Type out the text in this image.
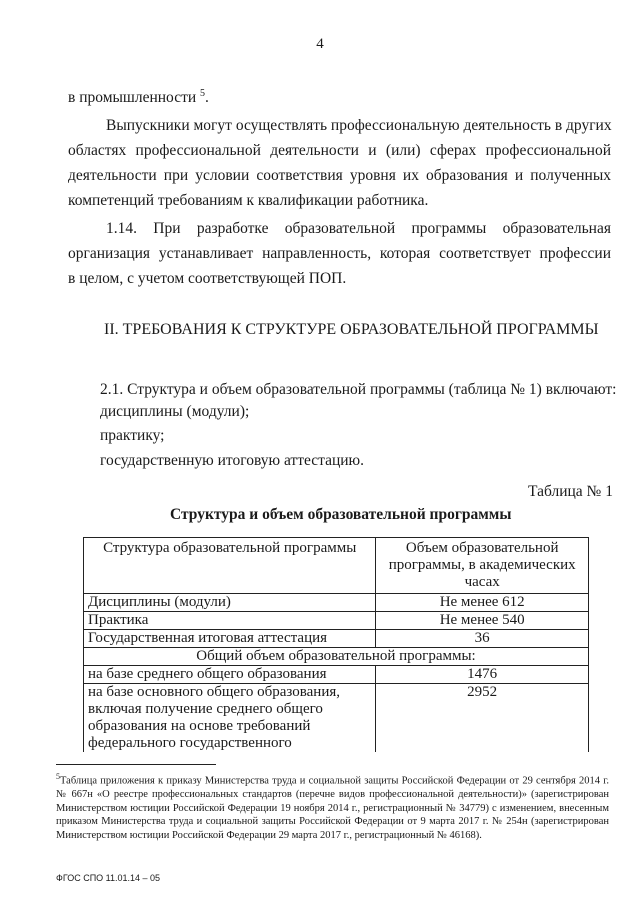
4
в промышленности $^5$.
Выпускники могут осуществлять профессиональную деятельность в других
областях профессиональной деятельности и (или) сферах профессиональной
деятельности при условии соответствия уровня их образования и полученных
компетенций требованиям к квалификации работника.
1.14.  При  разработке  образовательной  программы  образовательная
организация устанавливает направленность, которая соответствует профессии
в целом, с учетом соответствующей ПОП.
II. ТРЕБОВАНИЯ К СТРУКТУРЕ ОБРАЗОВАТЕЛЬНОЙ ПРОГРАММЫ
2.1. Структура и объем образовательной программы (таблица № 1) включают:
дисциплины (модули);
практику;
государственную итоговую аттестацию.
Таблица № 1
Структура и объем образовательной программы
Структура образовательной программы	Объем образовательной
программы, в академических
часах

Дисциплины (модули)	Не менее 612
Практика	Не менее 540
Государственная итоговая аттестация	36
Общий объем образовательной программы:	
на базе среднего общего образования	1476

на базе основного общего образования,
включая получение среднего общего
образования на основе требований
федерального государственного	2952
$^5$Таблица приложения к приказу Министерства труда и социальной защиты Российской Федерации от 29 сентября 2014 г. № 667н «О реестре профессиональных стандартов (перечне видов профессиональной деятельности)» (зарегистрирован Министерством юстиции Российской Федерации 19 ноября 2014 г., регистрационный № 34779) с изменением, внесенным приказом Министерства труда и социальной защиты Российской Федерации от 9 марта 2017 г. № 254н (зарегистрирован Министерством юстиции Российской Федерации 29 марта 2017 г., регистрационный № 46168).
ФГОС СПО 11.01.14 – 05
